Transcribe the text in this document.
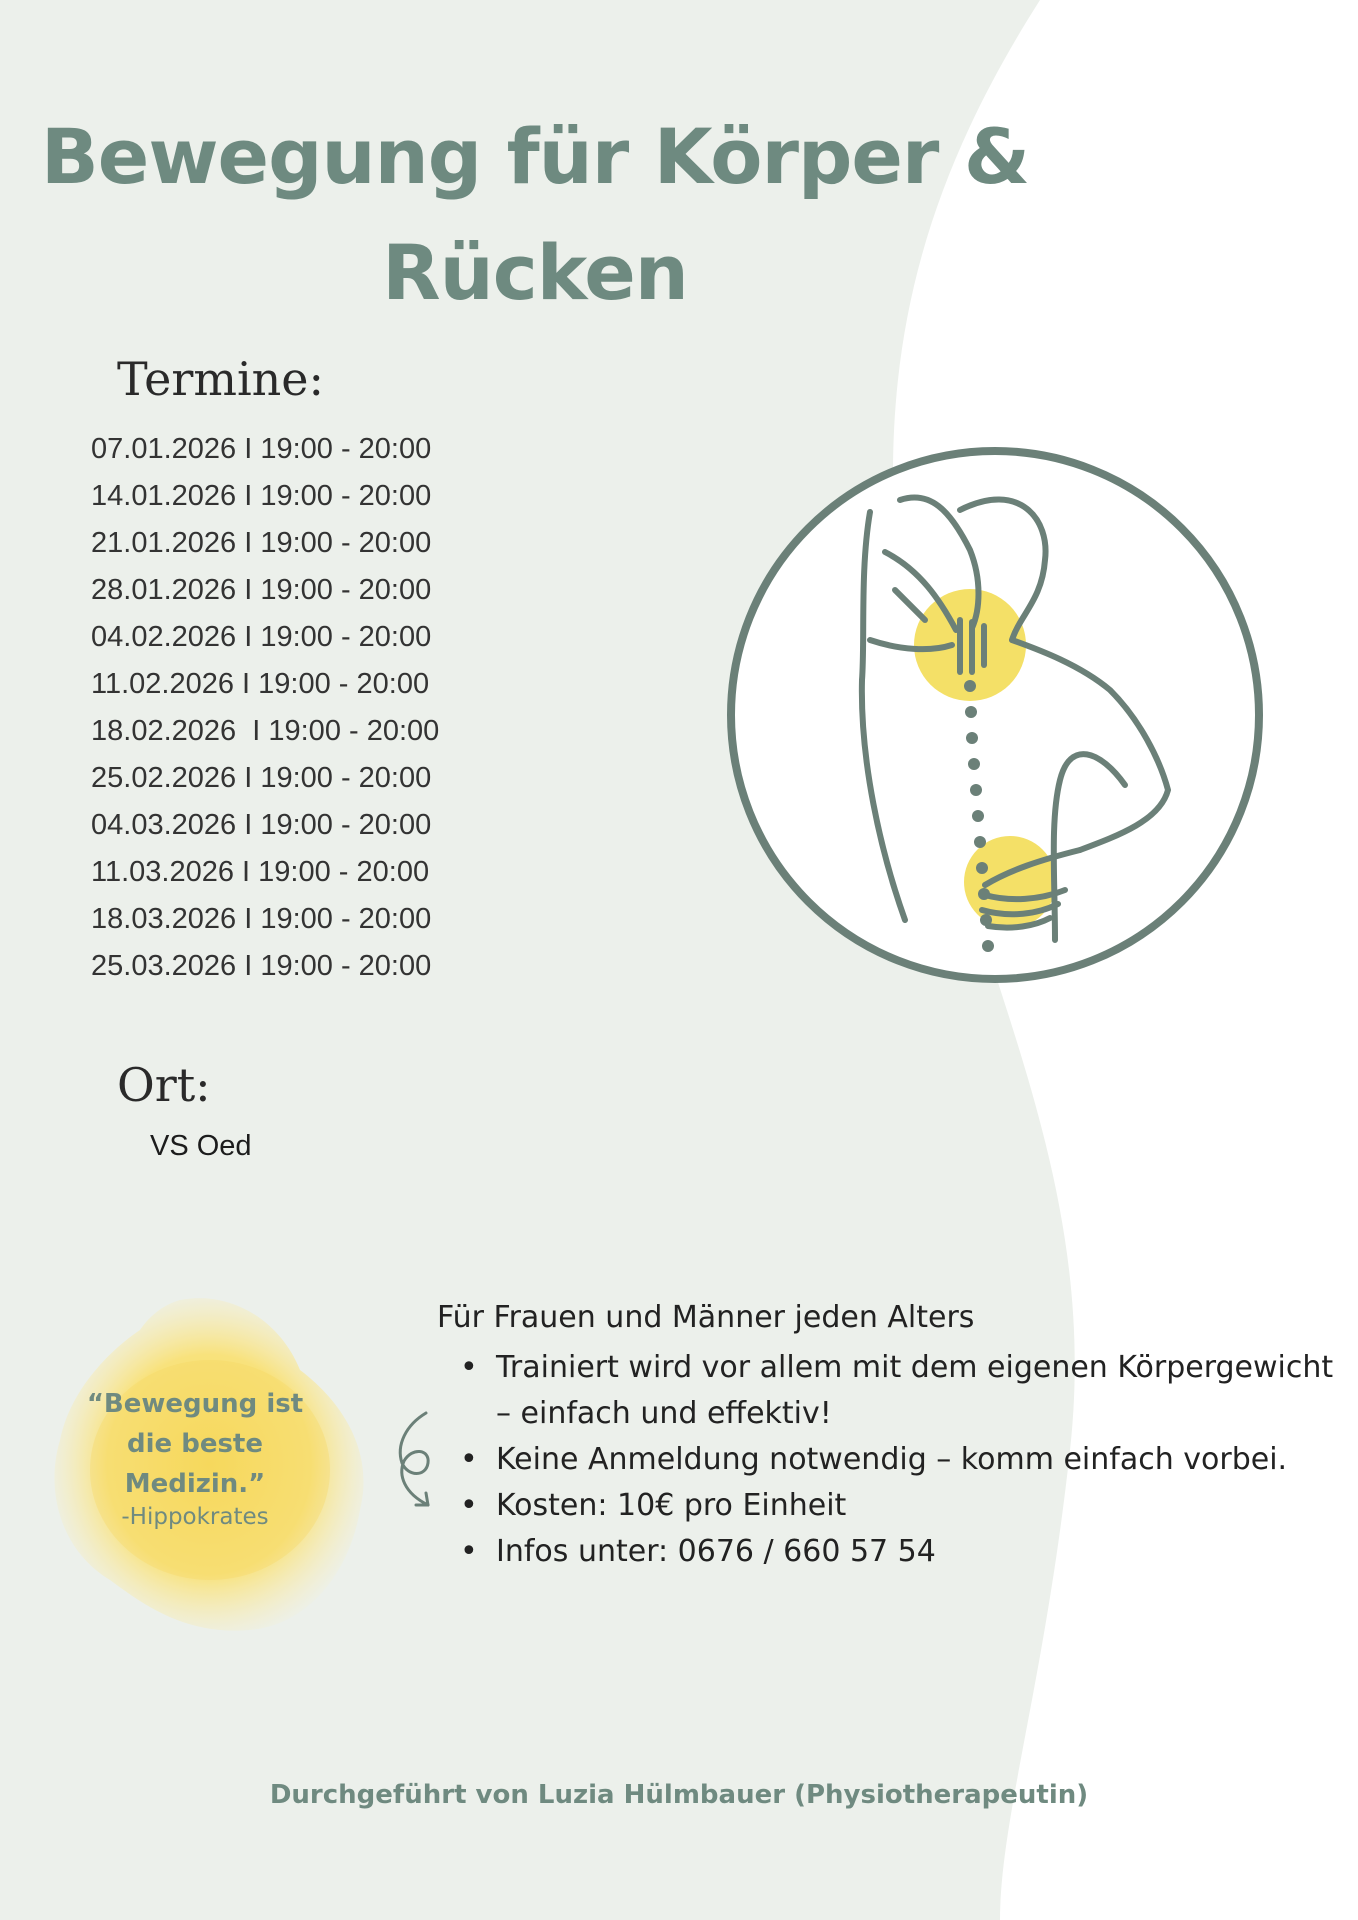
Bewegung für Körper &
Rücken
Termine:
07.01.2026 I 19:00 - 20:00
14.01.2026 I 19:00 - 20:00
21.01.2026 I 19:00 - 20:00
28.01.2026 I 19:00 - 20:00
04.02.2026 I 19:00 - 20:00
11.02.2026 I 19:00 - 20:00
18.02.2026  I 19:00 - 20:00
25.02.2026 I 19:00 - 20:00
04.03.2026 I 19:00 - 20:00
11.03.2026 I 19:00 - 20:00
18.03.2026 I 19:00 - 20:00
25.03.2026 I 19:00 - 20:00
Ort:
VS Oed
“Bewegung ist
die beste
Medizin.”
-Hippokrates
Für Frauen und Männer jeden Alters
• Trainiert wird vor allem mit dem eigenen Körpergewicht – einfach und effektiv!
• Keine Anmeldung notwendig – komm einfach vorbei.
• Kosten: 10€ pro Einheit
• Infos unter: 0676 / 660 57 54
Durchgeführt von Luzia Hülmbauer (Physiotherapeutin)
